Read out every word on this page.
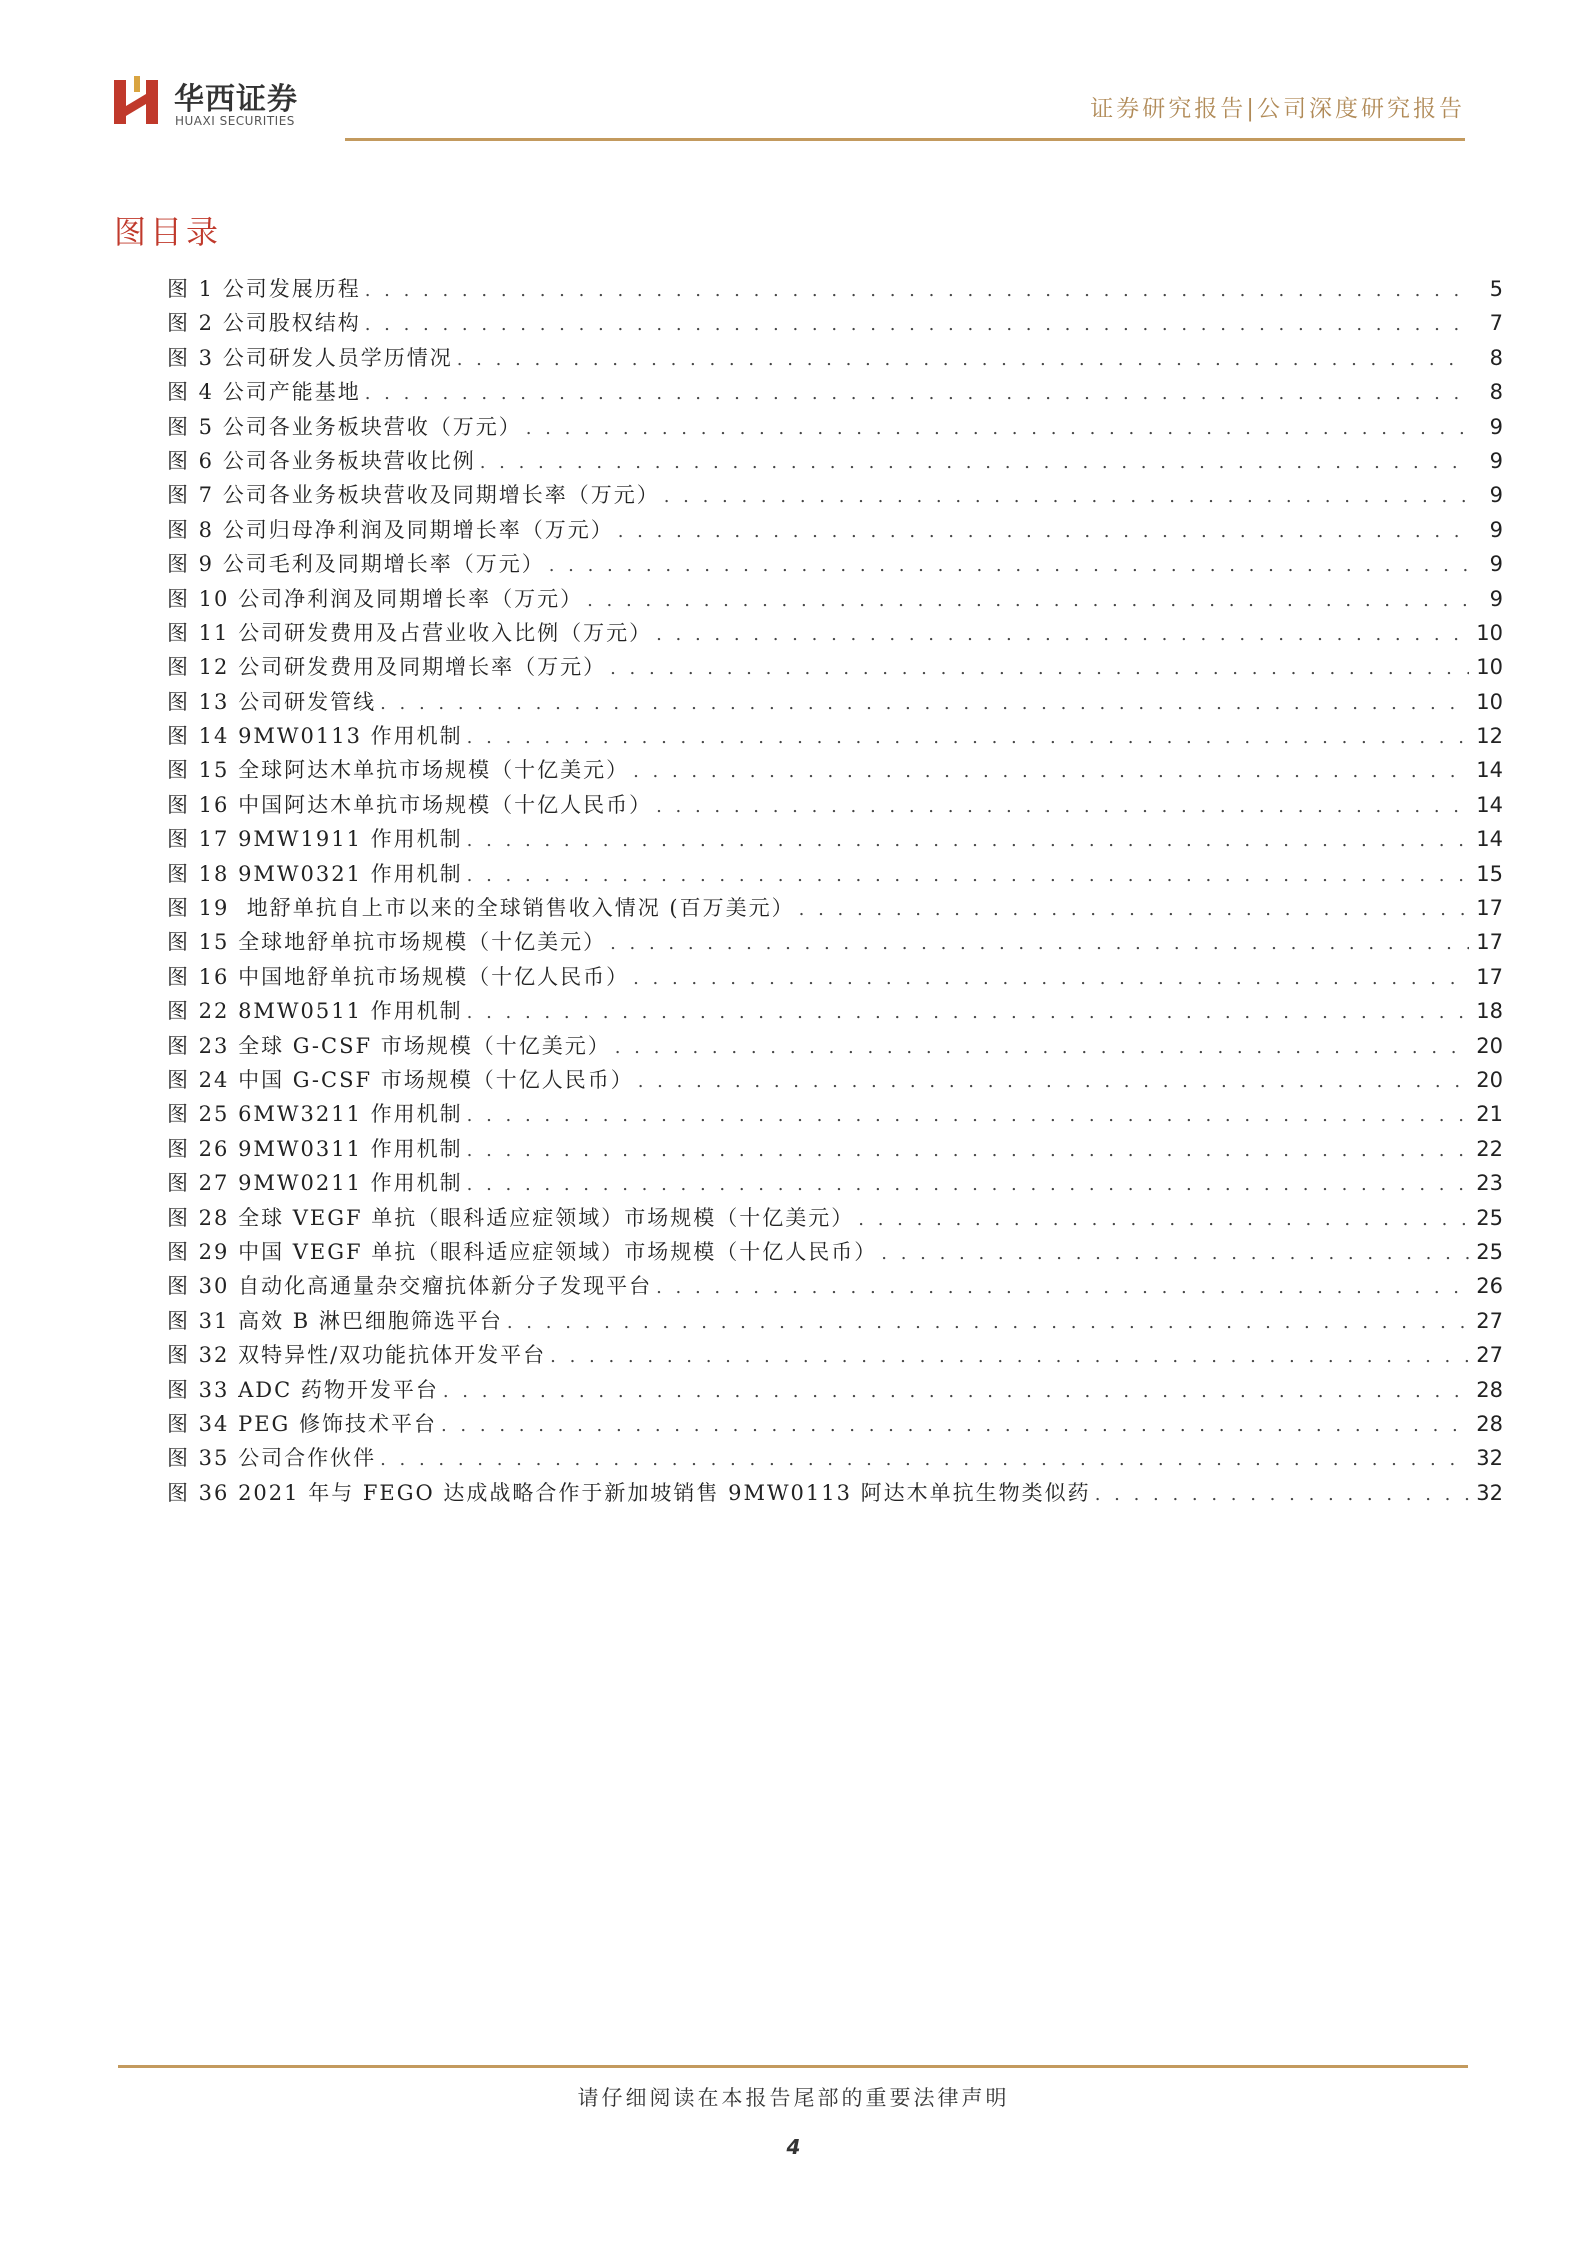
华西证券
HUAXI SECURITIES	证券研究报告|公司深度研究报告
图目录
图 1 公司发展历程 . . .	5
图 2 公司股权结构 . . .	7
图 3 公司研发人员学历情况 . . .	8
图 4 公司产能基地 . . .	8
图 5 公司各业务板块营收（万元） . . .	9
图 6 公司各业务板块营收比例 . . .	9
图 7 公司各业务板块营收及同期增长率（万元） . . .	9
图 8 公司归母净利润及同期增长率（万元） . . .	9
图 9 公司毛利及同期增长率（万元） . . .	9
图 10 公司净利润及同期增长率（万元） . . .	9
图 11 公司研发费用及占营业收入比例（万元） . . .	10
图 12 公司研发费用及同期增长率（万元） . . .	10
图 13 公司研发管线 . . .	10
图 14 9MW0113 作用机制 . . .	12
图 15 全球阿达木单抗市场规模（十亿美元） . . .	14
图 16 中国阿达木单抗市场规模（十亿人民币） . . .	14
图 17 9MW1911 作用机制 . . .	14
图 18 9MW0321 作用机制 . . .	15
图 19  地舒单抗自上市以来的全球销售收入情况 (百万美元） . . .	17
图 15 全球地舒单抗市场规模（十亿美元） . . .	17
图 16 中国地舒单抗市场规模（十亿人民币） . . .	17
图 22 8MW0511 作用机制 . . .	18
图 23 全球 G-CSF 市场规模（十亿美元） . . .	20
图 24 中国 G-CSF 市场规模（十亿人民币） . . .	20
图 25 6MW3211 作用机制 . . .	21
图 26 9MW0311 作用机制 . . .	22
图 27 9MW0211 作用机制 . . .	23
图 28 全球 VEGF 单抗（眼科适应症领域）市场规模（十亿美元） . . .	25
图 29 中国 VEGF 单抗（眼科适应症领域）市场规模（十亿人民币） . . .	25
图 30 自动化高通量杂交瘤抗体新分子发现平台 . . .	26
图 31 高效 B 淋巴细胞筛选平台 . . .	27
图 32 双特异性/双功能抗体开发平台 . . .	27
图 33 ADC 药物开发平台 . . .	28
图 34 PEG 修饰技术平台 . . .	28
图 35 公司合作伙伴 . . .	32
图 36 2021 年与 FEGO 达成战略合作于新加坡销售 9MW0113 阿达木单抗生物类似药 . . .	32
请仔细阅读在本报告尾部的重要法律声明
4
